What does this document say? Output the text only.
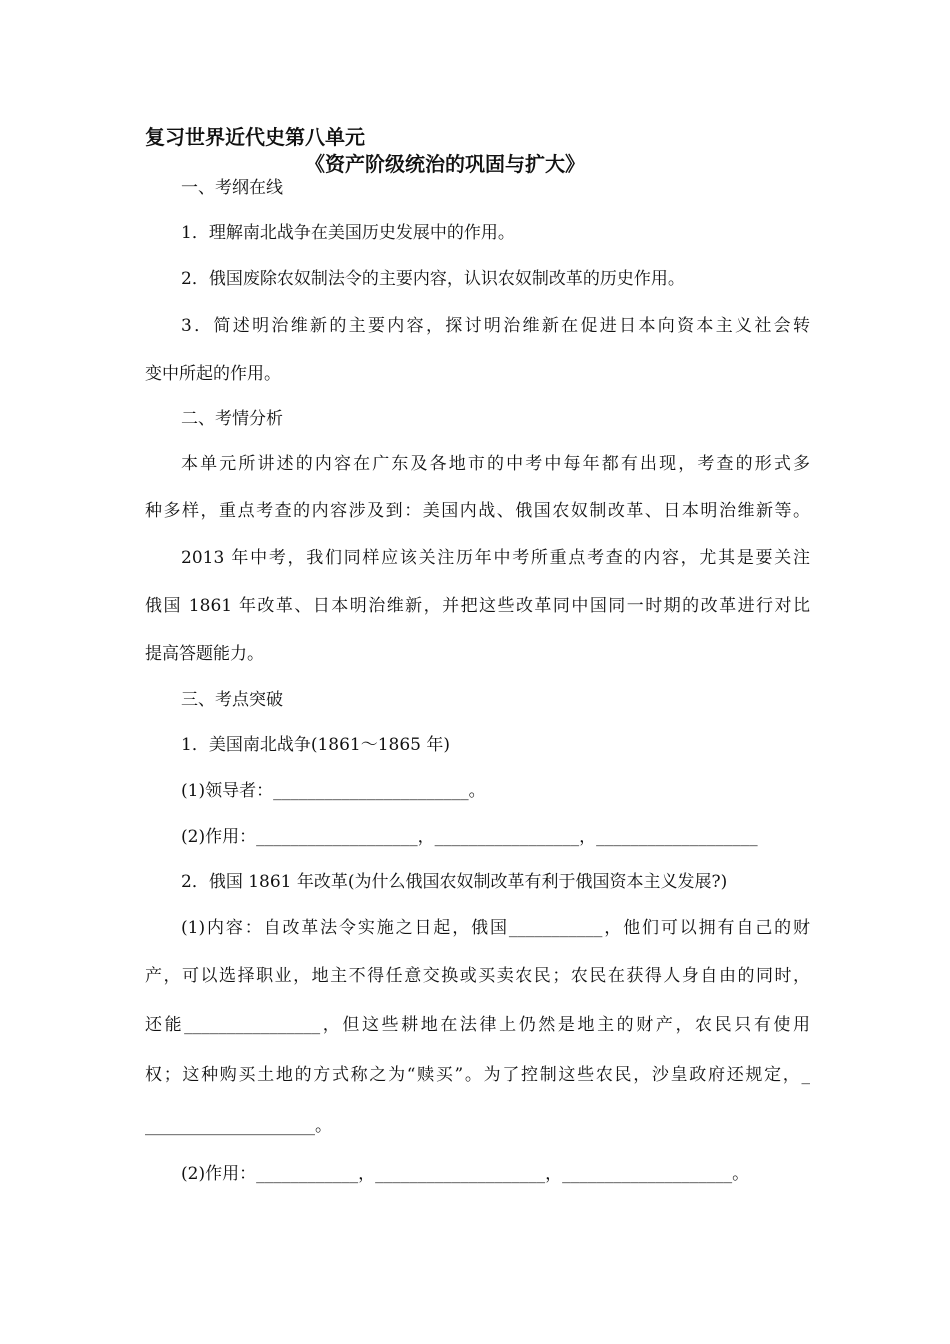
复习世界近代史第八单元
《资产阶级统治的巩固与扩大》
一、考纲在线
1．理解南北战争在美国历史发展中的作用。
2．俄国废除农奴制法令的主要内容，认识农奴制改革的历史作用。
3．简述明治维新的主要内容，探讨明治维新在促进日本向资本主义社会转
变中所起的作用。
二、考情分析
本单元所讲述的内容在广东及各地市的中考中每年都有出现，考查的形式多
种多样，重点考查的内容涉及到：美国内战、俄国农奴制改革、日本明治维新等。
2013 年中考，我们同样应该关注历年中考所重点考查的内容，尤其是要关注
俄国 1861 年改革、日本明治维新，并把这些改革同中国同一时期的改革进行对比
提高答题能力。
三、考点突破
1．美国南北战争(1861～1865 年)
(1)领导者：_______________________。
(2)作用：___________________，_________________，___________________
2．俄国 1861 年改革(为什么俄国农奴制改革有利于俄国资本主义发展?)
(1)内容：自改革法令实施之日起，俄国___________，他们可以拥有自己的财
产，可以选择职业，地主不得任意交换或买卖农民；农民在获得人身自由的同时，
还能________________，但这些耕地在法律上仍然是地主的财产，农民只有使用
权；这种购买土地的方式称之为“赎买”。为了控制这些农民，沙皇政府还规定，_
____________________。
(2)作用：____________，____________________，____________________。
